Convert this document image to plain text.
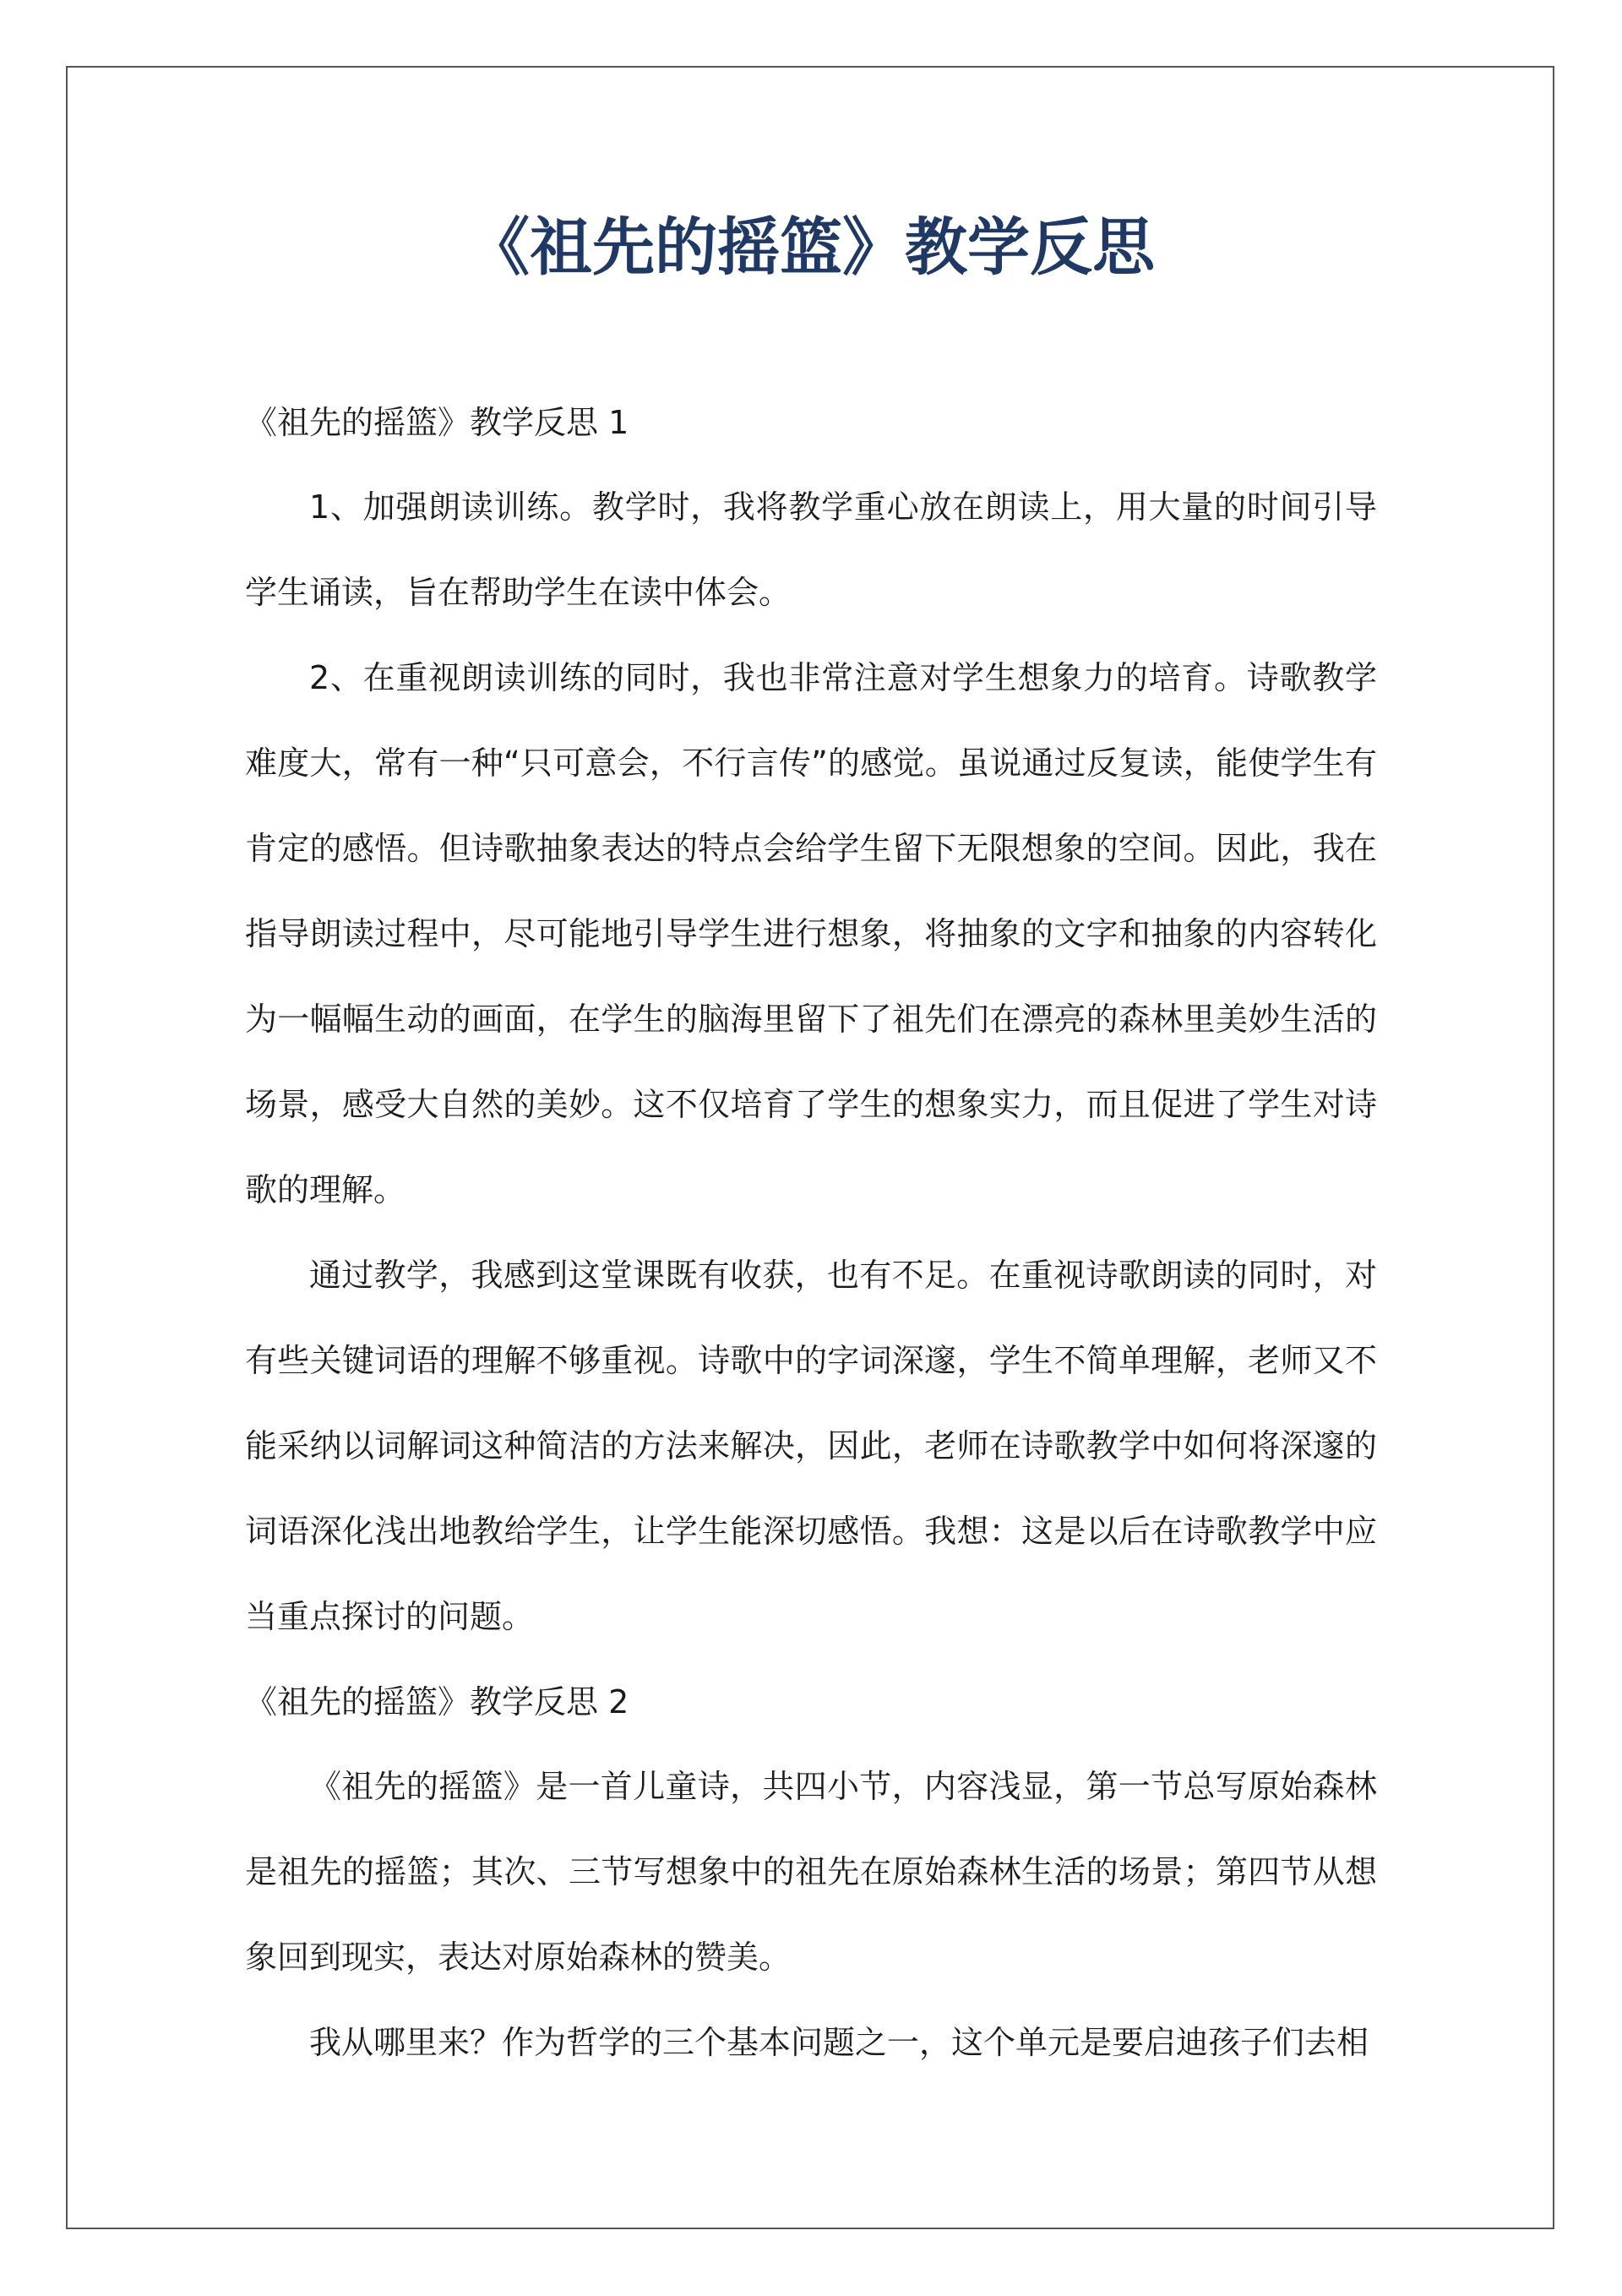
《祖先的摇篮》教学反思

《祖先的摇篮》教学反思 1

1、加强朗读训练。教学时，我将教学重心放在朗读上，用大量的时间引导学生诵读，旨在帮助学生在读中体会。

2、在重视朗读训练的同时，我也非常注意对学生想象力的培育。诗歌教学难度大，常有一种“只可意会，不行言传”的感觉。虽说通过反复读，能使学生有肯定的感悟。但诗歌抽象表达的特点会给学生留下无限想象的空间。因此，我在指导朗读过程中，尽可能地引导学生进行想象，将抽象的文字和抽象的内容转化为一幅幅生动的画面，在学生的脑海里留下了祖先们在漂亮的森林里美妙生活的场景，感受大自然的美妙。这不仅培育了学生的想象实力，而且促进了学生对诗歌的理解。

通过教学，我感到这堂课既有收获，也有不足。在重视诗歌朗读的同时，对有些关键词语的理解不够重视。诗歌中的字词深邃，学生不简单理解，老师又不能采纳以词解词这种简洁的方法来解决，因此，老师在诗歌教学中如何将深邃的词语深化浅出地教给学生，让学生能深切感悟。我想：这是以后在诗歌教学中应当重点探讨的问题。

《祖先的摇篮》教学反思 2

《祖先的摇篮》是一首儿童诗，共四小节，内容浅显，第一节总写原始森林是祖先的摇篮；其次、三节写想象中的祖先在原始森林生活的场景；第四节从想象回到现实，表达对原始森林的赞美。

我从哪里来？作为哲学的三个基本问题之一，这个单元是要启迪孩子们去相
